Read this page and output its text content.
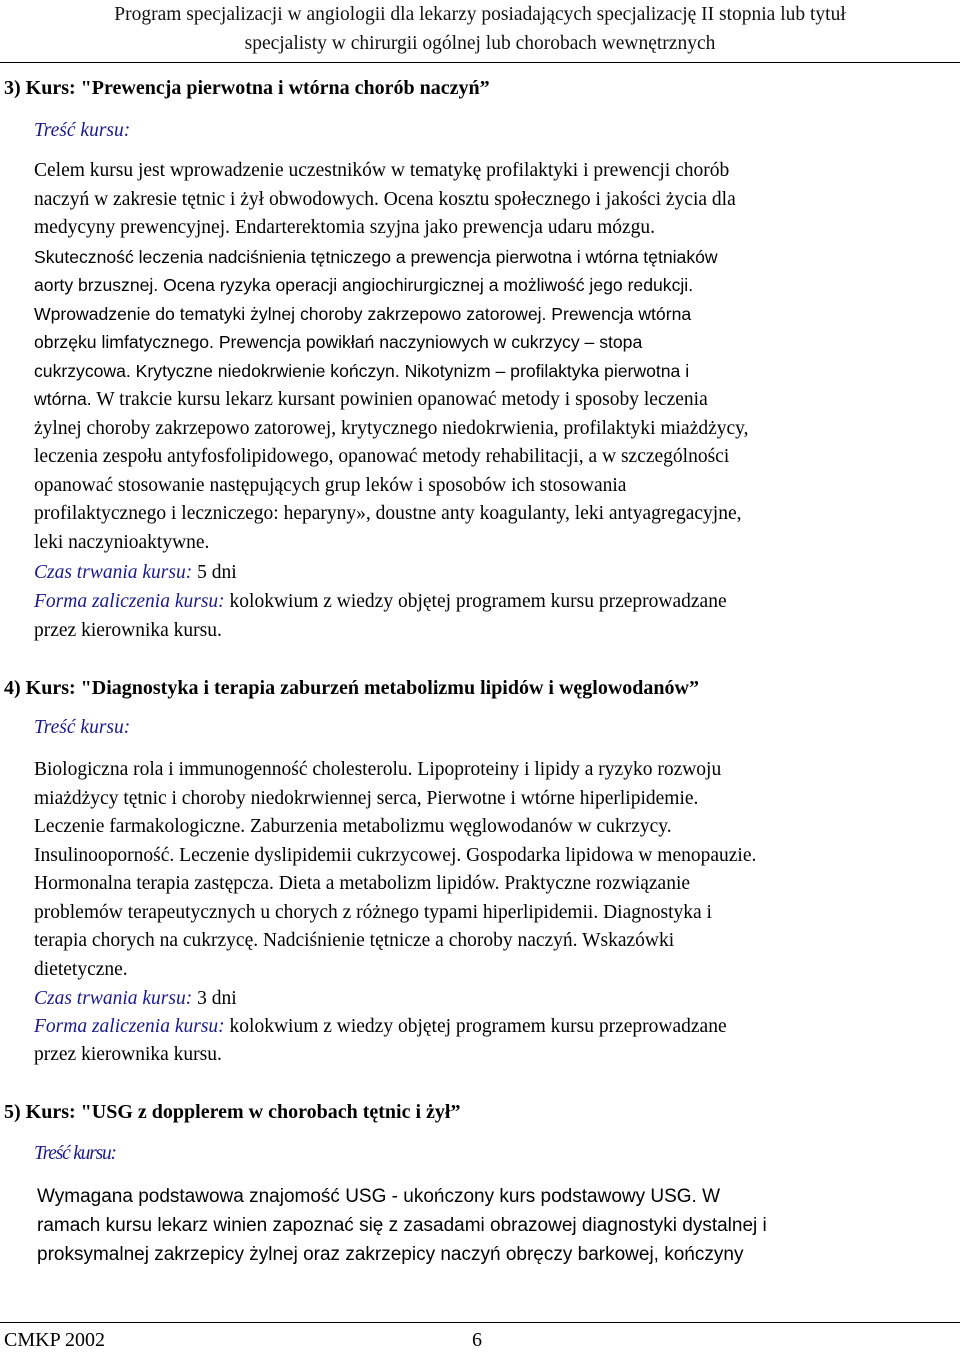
Program specjalizacji w angiologii dla lekarzy posiadających specjalizację II stopnia lub tytuł
specjalisty w chirurgii ogólnej lub chorobach wewnętrznych
3) Kurs: "Prewencja pierwotna i wtórna chorób naczyń”
Treść kursu:
Celem kursu jest wprowadzenie uczestników w tematykę profilaktyki i prewencji chorób
naczyń w zakresie tętnic i żył obwodowych. Ocena kosztu społecznego i jakości życia dla
medycyny prewencyjnej. Endarterektomia szyjna jako prewencja udaru mózgu.
Skuteczność leczenia nadciśnienia tętniczego a prewencja pierwotna i wtórna tętniaków
aorty brzusznej. Ocena ryzyka operacji angiochirurgicznej a możliwość jego redukcji.
Wprowadzenie do tematyki żylnej choroby zakrzepowo zatorowej. Prewencja wtórna
obrzęku limfatycznego. Prewencja powikłań naczyniowych w cukrzycy – stopa
cukrzycowa. Krytyczne niedokrwienie kończyn. Nikotynizm – profilaktyka pierwotna i
wtórna. W trakcie kursu lekarz kursant powinien opanować metody i sposoby leczenia
żylnej choroby zakrzepowo zatorowej, krytycznego niedokrwienia, profilaktyki miażdżycy,
leczenia zespołu antyfosfolipidowego, opanować metody rehabilitacji, a w szczególności
opanować stosowanie następujących grup leków i sposobów ich stosowania
profilaktycznego i leczniczego: heparyny», doustne anty koagulanty, leki antyagregacyjne,
leki naczynioaktywne.
Czas trwania kursu: 5 dni
Forma zaliczenia kursu: kolokwium z wiedzy objętej programem kursu przeprowadzane
przez kierownika kursu.
4) Kurs: "Diagnostyka i terapia zaburzeń metabolizmu lipidów i węglowodanów”
Treść kursu:
Biologiczna rola i immunogenność cholesterolu. Lipoproteiny i lipidy a ryzyko rozwoju
miażdżycy tętnic i choroby niedokrwiennej serca, Pierwotne i wtórne hiperlipidemie.
Leczenie farmakologiczne. Zaburzenia metabolizmu węglowodanów w cukrzycy.
Insulinooporność. Leczenie dyslipidemii cukrzycowej. Gospodarka lipidowa w menopauzie.
Hormonalna terapia zastępcza. Dieta a metabolizm lipidów. Praktyczne rozwiązanie
problemów terapeutycznych u chorych z różnego typami hiperlipidemii. Diagnostyka i
terapia chorych na cukrzycę. Nadciśnienie tętnicze a choroby naczyń. Wskazówki
dietetyczne.
Czas trwania kursu: 3 dni
Forma zaliczenia kursu: kolokwium z wiedzy objętej programem kursu przeprowadzane
przez kierownika kursu.
5) Kurs: "USG z dopplerem w chorobach tętnic i żył”
Treść kursu:
Wymagana podstawowa znajomość USG - ukończony kurs podstawowy USG. W
ramach kursu lekarz winien zapoznać się z zasadami obrazowej diagnostyki dystalnej i
proksymalnej zakrzepicy żylnej oraz zakrzepicy naczyń obręczy barkowej, kończyny
CMKP 2002	6
